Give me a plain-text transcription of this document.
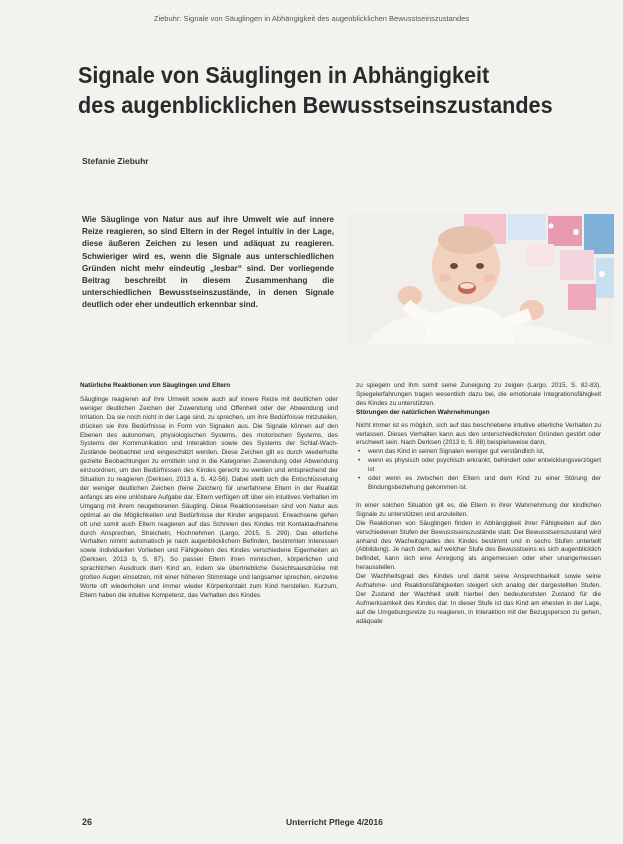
Ziebuhr: Signale von Säuglingen in Abhängigkeit des augenblicklichen Bewusstseinszustandes
Signale von Säuglingen in Abhängigkeit
des augenblicklichen Bewusstseinszustandes
Stefanie Ziebuhr
Wie Säuglinge von Natur aus auf ihre Umwelt wie auf innere Reize reagieren, so sind Eltern in der Regel intuitiv in der Lage, diese äußeren Zeichen zu lesen und adäquat zu reagieren. Schwieriger wird es, wenn die Signale aus unterschiedlichen Gründen nicht mehr eindeutig „lesbar“ sind. Der vorliegende Beitrag beschreibt in diesem Zusammenhang die unterschiedlichen Bewusstseinszustände, in denen Signale deutlich oder eher undeutlich erkennbar sind.

Natürliche Reaktionen von Säuglingen und Eltern

Säuglinge reagieren auf ihre Umwelt sowie auch auf innere Reize mit deutlichen oder weniger deutlichen Zeichen der Zuwendung und Offenheit oder der Abwendung und Irritation. Da sie noch nicht in der Lage sind, zu sprechen, um ihre Bedürfnisse mitzuteilen, drücken sie ihre Bedürfnisse in Form von Signalen aus. Die Signale können auf den Ebenen des autonomen, physiologischen Systems, des motorischen Systems, des Systems der Kommunikation und Interaktion sowie des Systems der Schlaf-Wach-Zustände beobachtet und eingeschätzt werden. Diese Zeichen gilt es durch wiederholte gezielte Beobachtungen zu ermitteln und in die Kategorien Zuwendung oder Abwendung einzuordnen, um den Bedürfnissen des Kindes gerecht zu werden und entsprechend der Situation zu reagieren (Derksen, 2013 a, S. 42-56). Dabei stellt sich die Entschlüsselung der weniger deutlichen Zeichen (feine Zeichen) für unerfahrene Eltern in der Realität anfangs als eine unlösbare Aufgabe dar. Eltern verfügen oft über ein intuitives Verhalten im Umgang mit ihrem neugeborenen Säugling. Diese Reaktionsweisen sind von Natur aus optimal an die Möglichkeiten und Bedürfnisse der Kinder angepasst. Erwachsene gehen oft und somit auch Eltern reagieren auf das Schreien des Kindes mit Kontaktaufnahme durch Ansprechen, Streicheln, Hochnehmen (Largo, 2015, S. 290). Das elterliche Verhalten nimmt automatisch je nach augenblicklichem Befinden, bestimmten Interessen sowie individuellen Vorlieben und Fähigkeiten des Kindes verschiedene Eigenheiten an (Derksen, 2013 b, S. 87). So passen Eltern ihren mimischen, körperlichen und sprachlichen Ausdruck dem Kind an, indem sie übertriebliche Gesichtsausdrücke mit großen Augen einsetzen, mit einer höheren Stimmlage und langsamer sprechen, einzelne Worte oft wiederholen und immer wieder Körperkontakt zum Kind herstellen. Kurzum, Eltern haben die intuitive Kompetenz, das Verhalten des Kindes

zu spiegeln und ihm somit seine Zuneigung zu zeigen (Largo, 2015, S. 82-83). Spiegelerfahrungen tragen wesentlich dazu bei, die emotionale Integrationsfähigkeit des Kindes zu unterstützen.

Störungen der natürlichen Wahrnehmungen

Nicht immer ist es möglich, sich auf das beschriebene intuitive elterliche Verhalten zu verlassen. Dieses Verhalten kann aus den unterschiedlichsten Gründen gestört oder erschwert sein. Nach Derksen (2013 b, S. 88) beispielsweise dann,

• wenn das Kind in seinen Signalen weniger gut verständlich ist,
• wenn es physisch oder psychisch erkrankt, behindert oder entwicklungsverzögert ist
• oder wenn es zwischen den Eltern und dem Kind zu einer Störung der Bindungsbeziehung gekommen ist.

In einer solchen Situation gilt es, die Eltern in ihrer Wahrnehmung der kindlichen Signale zu unterstützen und anzuleiten.

Die Reaktionen von Säuglingen finden in Abhängigkeit ihrer Fähigkeiten auf den verschiedenen Stufen der Bewusstseinszustände statt. Der Bewusstseinszustand wird anhand des Wacheitsgrades des Kindes bestimmt und in sechs Stufen unterteilt (Abbildung). Je nach dem, auf welcher Stufe des Bewusstseins es sich augenblicklich befindet, kann sich eine Anregung als angemessen oder eher unangemessen herausstellen.

Der Wachheitsgrad des Kindes und damit seine Ansprechbarkeit sowie seine Aufnahme- und Reaktionsfähigkeiten steigert sich analog der dargestellten Stufen. Der Zustand der Wachheit stellt hierbei den bedeutendsten Zustand für die Aufmerksamkeit des Kindes dar. In dieser Stufe ist das Kind am ehesten in der Lage, auf die Umgebungsreize zu reagieren, in Interaktion mit der Bezugsperson zu gehen, adäquate

26	Unterricht Pflege 4/2016
